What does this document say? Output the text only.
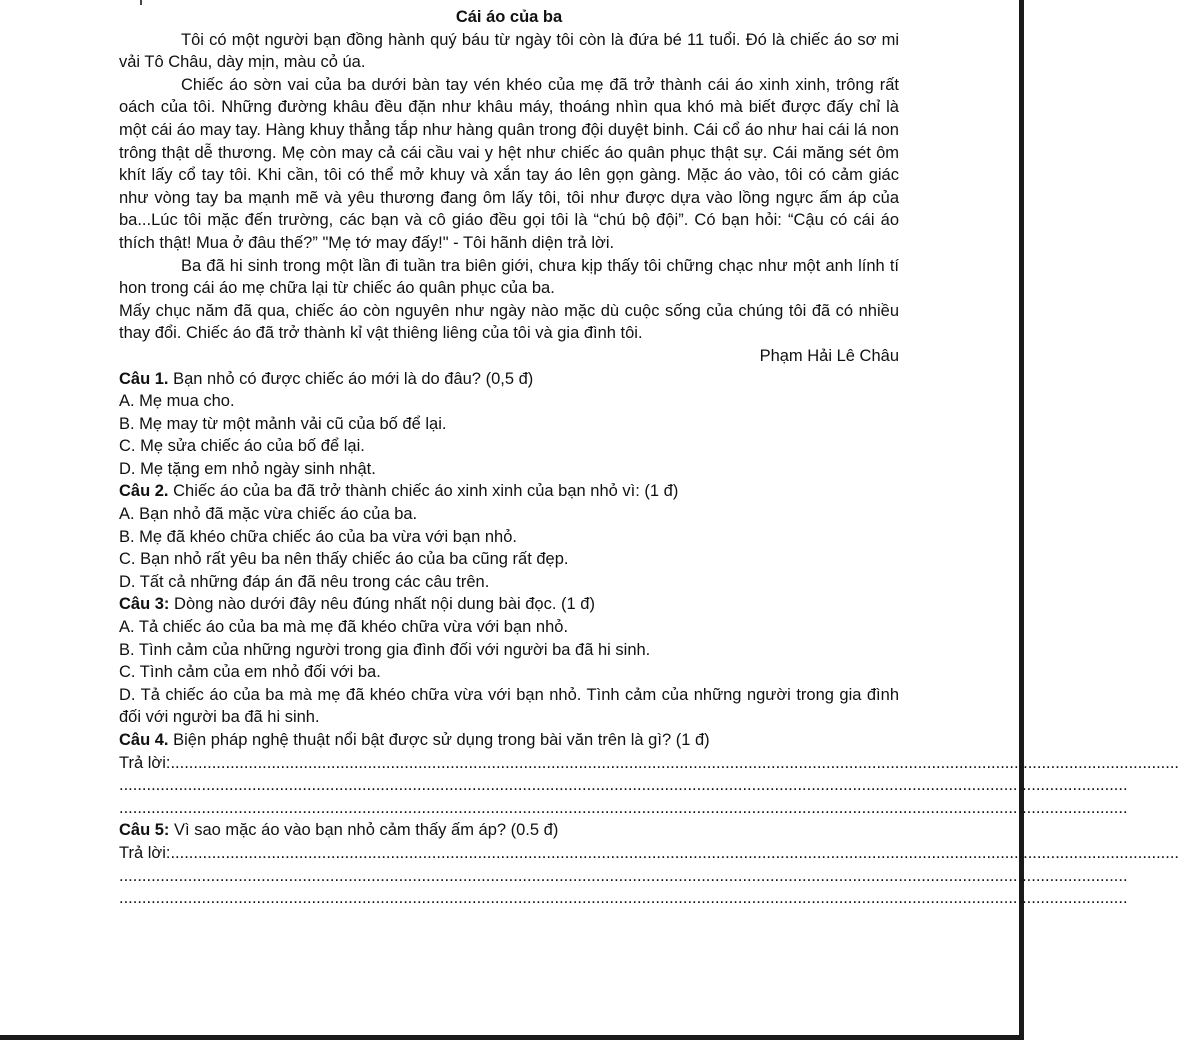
Cái áo của ba
Tôi có một người bạn đồng hành quý báu từ ngày tôi còn là đứa bé 11 tuổi. Đó là chiếc áo sơ mi vải Tô Châu, dày mịn, màu cỏ úa.
Chiếc áo sờn vai của ba dưới bàn tay vén khéo của mẹ đã trở thành cái áo xinh xinh, trông rất oách của tôi. Những đường khâu đều đặn như khâu máy, thoáng nhìn qua khó mà biết được đấy chỉ là một cái áo may tay. Hàng khuy thẳng tắp như hàng quân trong đội duyệt binh. Cái cổ áo như hai cái lá non trông thật dễ thương. Mẹ còn may cả cái cầu vai y hệt như chiếc áo quân phục thật sự. Cái măng sét ôm khít lấy cổ tay tôi. Khi cần, tôi có thể mở khuy và xắn tay áo lên gọn gàng. Mặc áo vào, tôi có cảm giác như vòng tay ba mạnh mẽ và yêu thương đang ôm lấy tôi, tôi như được dựa vào lồng ngực ấm áp của ba...Lúc tôi mặc đến trường, các bạn và cô giáo đều gọi tôi là “chú bộ đội”. Có bạn hỏi: “Cậu có cái áo thích thật! Mua ở đâu thế?” "Mẹ tớ may đấy!" - Tôi hãnh diện trả lời.
Ba đã hi sinh trong một lần đi tuần tra biên giới, chưa kịp thấy tôi chững chạc như một anh lính tí hon trong cái áo mẹ chữa lại từ chiếc áo quân phục của ba.
Mấy chục năm đã qua, chiếc áo còn nguyên như ngày nào mặc dù cuộc sống của chúng tôi đã có nhiều thay đổi. Chiếc áo đã trở thành kỉ vật thiêng liêng của tôi và gia đình tôi.
Phạm Hải Lê Châu
Câu 1. Bạn nhỏ có được chiếc áo mới là do đâu? (0,5 đ)
A. Mẹ mua cho.
B. Mẹ may từ một mảnh vải cũ của bố để lại.
C. Mẹ sửa chiếc áo của bố để lại.
D. Mẹ tặng em nhỏ ngày sinh nhật.
Câu 2. Chiếc áo của ba đã trở thành chiếc áo xinh xinh của bạn nhỏ vì: (1 đ)
A. Bạn nhỏ đã mặc vừa chiếc áo của ba.
B. Mẹ đã khéo chữa chiếc áo của ba vừa với bạn nhỏ.
C. Bạn nhỏ rất yêu ba nên thấy chiếc áo của ba cũng rất đẹp.
D. Tất cả những đáp án đã nêu trong các câu trên.
Câu 3: Dòng nào dưới đây nêu đúng nhất nội dung bài đọc. (1 đ)
A. Tả chiếc áo của ba mà mẹ đã khéo chữa vừa với bạn nhỏ.
B. Tình cảm của những người trong gia đình đối với người ba đã hi sinh.
C. Tình cảm của em nhỏ đối với ba.
D. Tả chiếc áo của ba mà mẹ đã khéo chữa vừa với bạn nhỏ. Tình cảm của những người trong gia đình đối với người ba đã hi sinh.
Câu 4. Biện pháp nghệ thuật nổi bật được sử dụng trong bài văn trên là gì? (1 đ)
Trả lời: ............................................................................................................................................................................................................................
............................................................................................................................................................................................................................
............................................................................................................................................................................................................................
Câu 5: Vì sao mặc áo vào bạn nhỏ cảm thấy ấm áp? (0.5 đ)
Trả lời: ............................................................................................................................................................................................................................
............................................................................................................................................................................................................................
............................................................................................................................................................................................................................
